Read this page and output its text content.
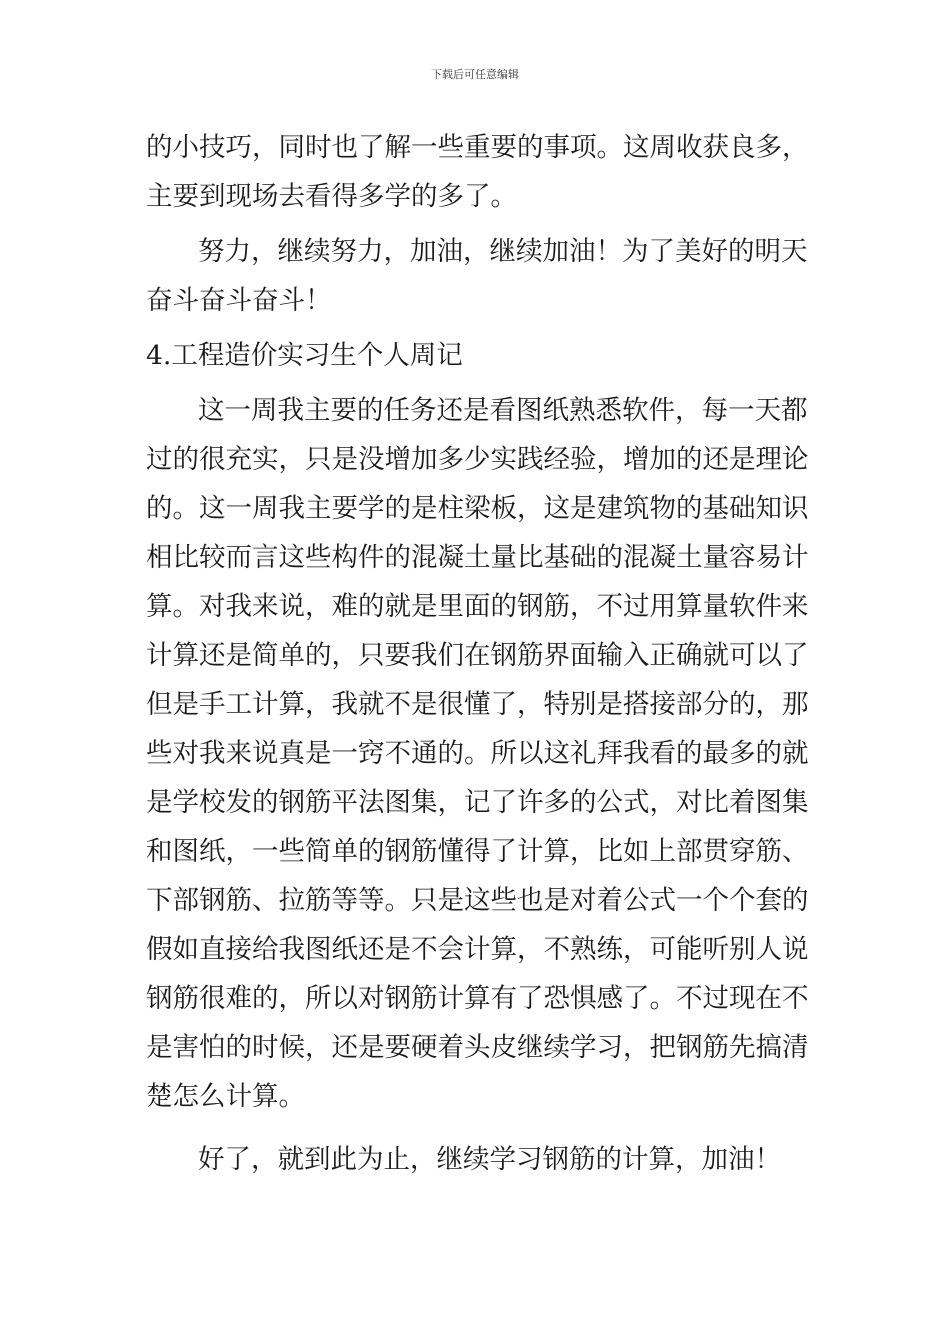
下载后可任意编辑
的小技巧，同时也了解一些重要的事项。这周收获良多，
主要到现场去看得多学的多了。
努力，继续努力，加油，继续加油！为了美好的明天
奋斗奋斗奋斗！
4.工程造价实习生个人周记
这一周我主要的任务还是看图纸熟悉软件，每一天都
过的很充实，只是没增加多少实践经验，增加的还是理论
的。这一周我主要学的是柱梁板，这是建筑物的基础知识
相比较而言这些构件的混凝土量比基础的混凝土量容易计
算。对我来说，难的就是里面的钢筋，不过用算量软件来
计算还是简单的，只要我们在钢筋界面输入正确就可以了
但是手工计算，我就不是很懂了，特别是搭接部分的，那
些对我来说真是一窍不通的。所以这礼拜我看的最多的就
是学校发的钢筋平法图集，记了许多的公式，对比着图集
和图纸，一些简单的钢筋懂得了计算，比如上部贯穿筋、
下部钢筋、拉筋等等。只是这些也是对着公式一个个套的
假如直接给我图纸还是不会计算，不熟练，可能听别人说
钢筋很难的，所以对钢筋计算有了恐惧感了。不过现在不
是害怕的时候，还是要硬着头皮继续学习，把钢筋先搞清
楚怎么计算。
好了，就到此为止，继续学习钢筋的计算，加油！
